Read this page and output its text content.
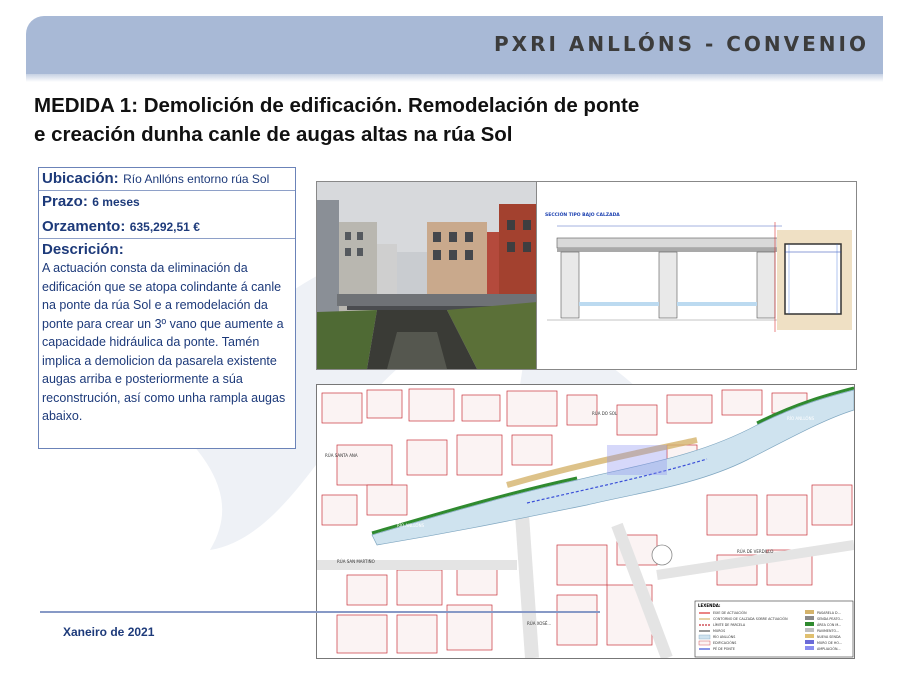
PXRI ANLLÓNS - CONVENIO
MEDIDA 1: Demolición de edificación. Remodelación de ponte
e creación dunha canle de augas altas na rúa Sol
Ubicación: Río Anllóns entorno rúa Sol
Prazo: 6 meses
Orzamento: 635,292,51 €
Descrición:
A actuación consta da eliminación da edificación que se atopa colindante á canle na ponte da rúa Sol e a remodelación da ponte para crear un 3º vano que aumente a capacidade hidráulica da ponte. Tamén implica a demolicion da pasarela existente augas arriba e posteriormente a súa reconstrución, así como unha rampla augas abaixo.
SECCIÓN TIPO BAJO CALZADA
RÚA SANTA ANA
RÍO ANLLÓNS
RÍO ANLLÓNS
RÚA SAN MARTIÑO
RÚA DE VERDILLO
RÚA DO SOL
RÚA XOSÉ...
LEXENDA:
EIXE DE ACTUACIÓN
CONTORNO DE CALZADA SOBRE ACTUACIÓN
LÍMITE DE PARCELA
MUROS
RÍO ANLLÓNS
EDIFICACIÓNS
PÉ DE PONTE
PASARELA D...
SENDA PEATO...
ÁREA CON M...
PAVIMENTO...
NUEVA SENDA
MURO DE HO...
AMPLIACIÓN...
Xaneiro de 2021
